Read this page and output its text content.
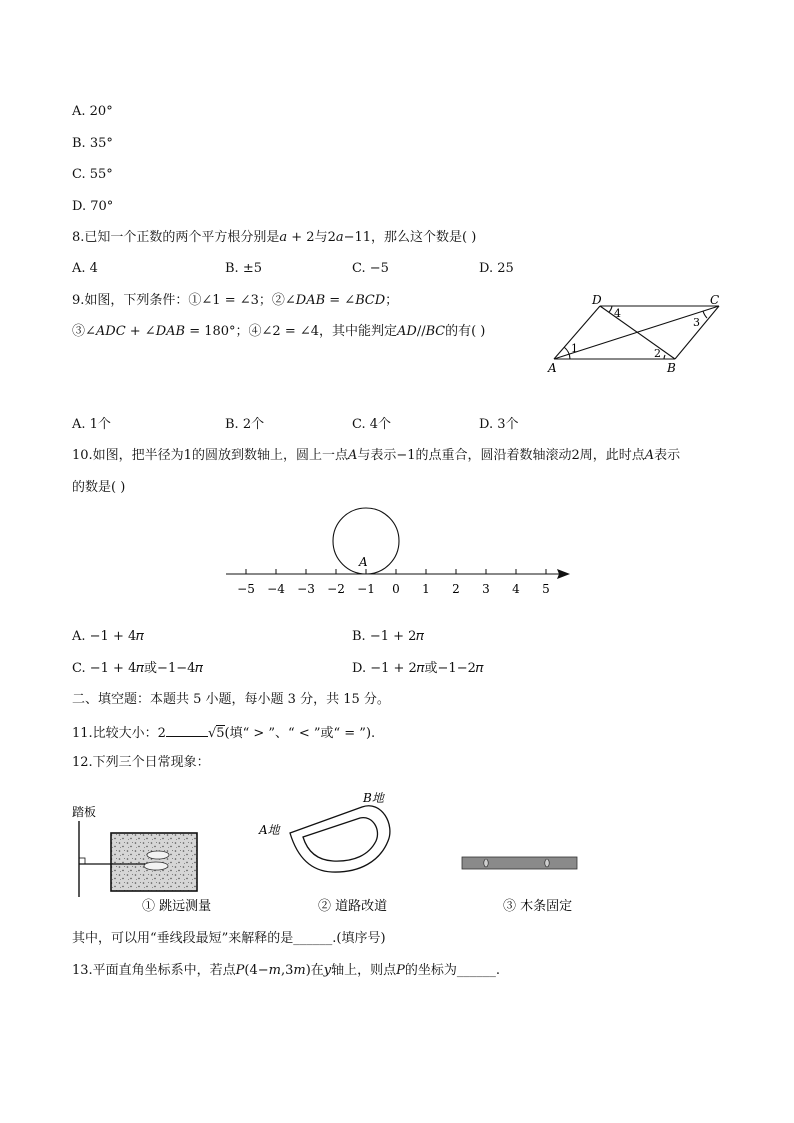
A. 20°
B. 35°
C. 55°
D. 70°
8.已知一个正数的两个平方根分别是𝑎 + 2与2𝑎−11，那么这个数是( )
A. 4	B. ±5	C. −5	D. 25
9.如图，下列条件：①∠1 = ∠3；②∠𝐷𝐴𝐵 = ∠𝐵𝐶𝐷；
③∠𝐴𝐷𝐶 + ∠𝐷𝐴𝐵 = 180°；④∠2 = ∠4，其中能判定𝐴𝐷//𝐵𝐶的有( )
D	C
A	B
1	2
3
4
A. 1个	B. 2个	C. 4个	D. 3个
10.如图，把半径为1的圆放到数轴上，圆上一点𝐴与表示−1的点重合，圆沿着数轴滚动2周，此时点𝐴表示
的数是( )
−5 −4 −3 −2 −1 0 1 2 3 4 5
A
A. −1 + 4𝜋	B. −1 + 2𝜋
C. −1 + 4𝜋或−1−4𝜋	D. −1 + 2𝜋或−1−2𝜋
二、填空题：本题共 5 小题，每小题 3 分，共 15 分。
11.比较大小：2	√5(填“ > ”、“ < ”或“ = ”).
12.下列三个日常现象：
踏板
A地
B地
① 跳远测量	② 道路改道	③ 木条固定
其中，可以用“垂线段最短”来解释的是______.(填序号)
13.平面直角坐标系中，若点𝑃(4−𝑚,3𝑚)在𝑦轴上，则点𝑃的坐标为______.
